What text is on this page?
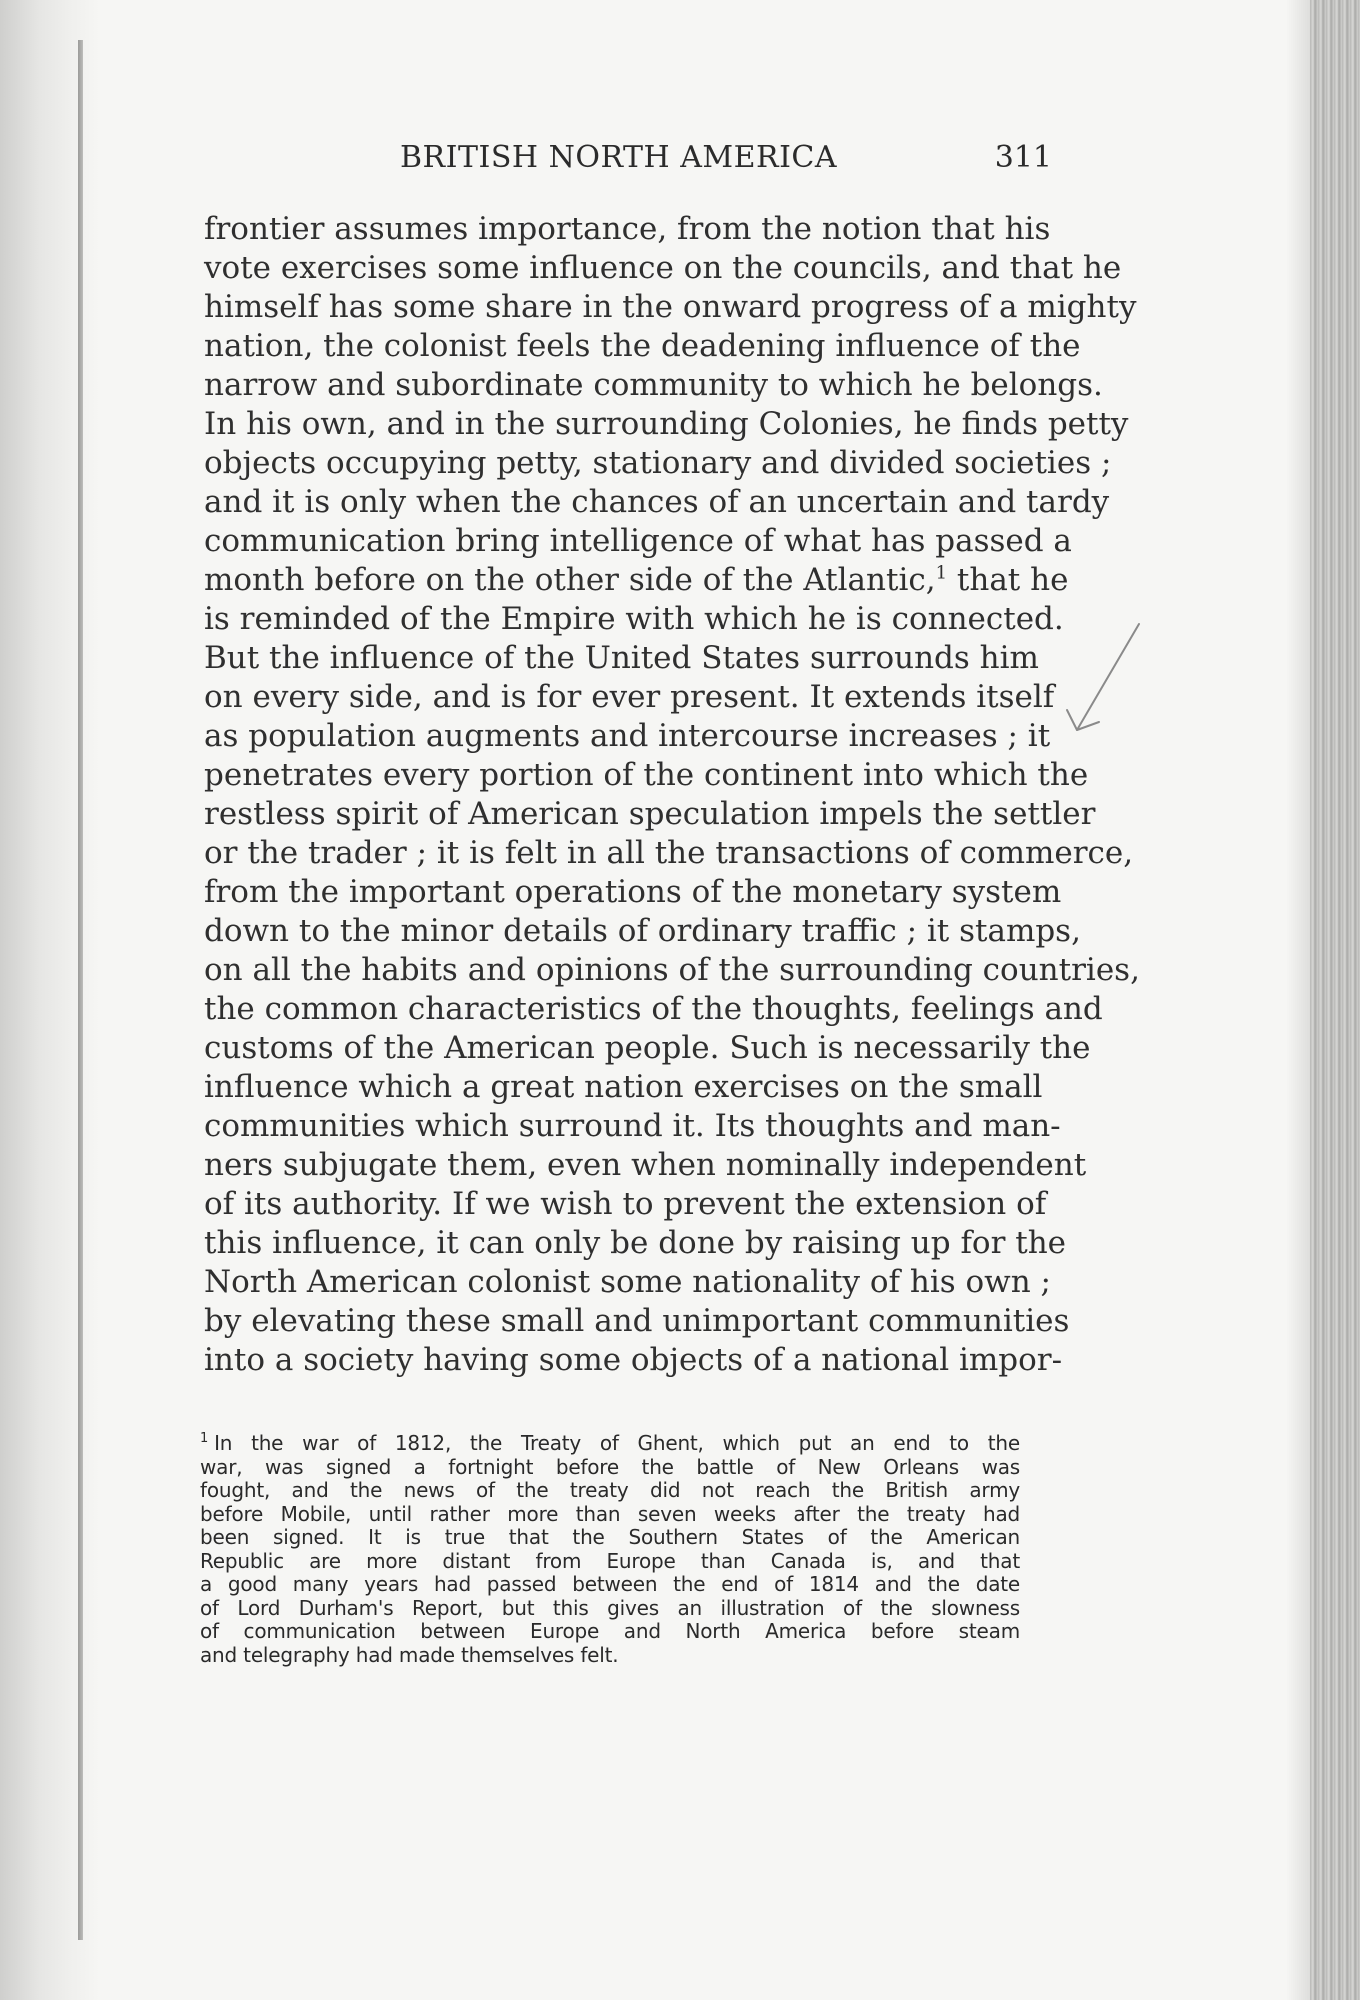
BRITISH NORTH AMERICA	311
frontier assumes importance, from the notion that his
vote exercises some influence on the councils, and that he
himself has some share in the onward progress of a mighty
nation, the colonist feels the deadening influence of the
narrow and subordinate community to which he belongs.
In his own, and in the surrounding Colonies, he finds petty
objects occupying petty, stationary and divided societies ;
and it is only when the chances of an uncertain and tardy
communication bring intelligence of what has passed a
month before on the other side of the Atlantic,$^1$ that he
is reminded of the Empire with which he is connected.
But the influence of the United States surrounds him
on every side, and is for ever present. It extends itself
as population augments and intercourse increases ; it
penetrates every portion of the continent into which the
restless spirit of American speculation impels the settler
or the trader ; it is felt in all the transactions of commerce,
from the important operations of the monetary system
down to the minor details of ordinary traffic ; it stamps,
on all the habits and opinions of the surrounding countries,
the common characteristics of the thoughts, feelings and
customs of the American people. Such is necessarily the
influence which a great nation exercises on the small
communities which surround it. Its thoughts and man-
ners subjugate them, even when nominally independent
of its authority. If we wish to prevent the extension of
this influence, it can only be done by raising up for the
North American colonist some nationality of his own ;
by elevating these small and unimportant communities
into a society having some objects of a national impor-
$^1$ In the war of 1812, the Treaty of Ghent, which put an end to the
war, was signed a fortnight before the battle of New Orleans was
fought, and the news of the treaty did not reach the British army
before Mobile, until rather more than seven weeks after the treaty had
been signed. It is true that the Southern States of the American
Republic are more distant from Europe than Canada is, and that
a good many years had passed between the end of 1814 and the date
of Lord Durham's Report, but this gives an illustration of the slowness
of communication between Europe and North America before steam
and telegraphy had made themselves felt.
